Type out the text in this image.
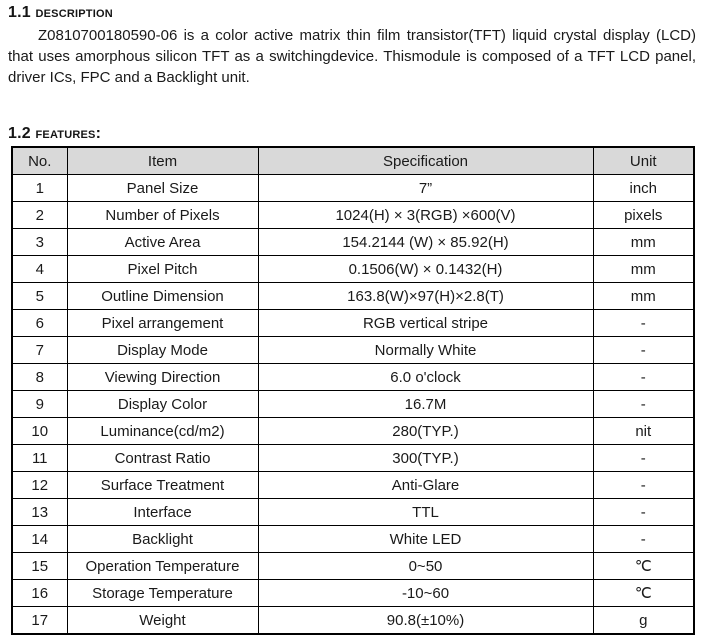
1.1 description

Z0810700180590-06 is a color active matrix thin film transistor(TFT) liquid crystal display (LCD) that uses amorphous silicon TFT as a switchingdevice. Thismodule is composed of a TFT LCD panel, driver ICs, FPC and a Backlight unit.

1.2 features:
No.	Item	Specification	Unit
1	Panel Size	7”	inch
2	Number of Pixels	1024(H) × 3(RGB) ×600(V)	pixels
3	Active Area	154.2144 (W) × 85.92(H)	mm
4	Pixel Pitch	0.1506(W) × 0.1432(H)	mm
5	Outline Dimension	163.8(W)×97(H)×2.8(T)	mm
6	Pixel arrangement	RGB vertical stripe	-
7	Display Mode	Normally White	-
8	Viewing Direction	6.0 o'clock	-
9	Display Color	16.7M	-
10	Luminance(cd/m2)	280(TYP.)	nit
11	Contrast Ratio	300(TYP.)	-
12	Surface Treatment	Anti-Glare	-
13	Interface	TTL	-
14	Backlight	White LED	-
15	Operation Temperature	0~50	℃
16	Storage Temperature	-10~60	℃
17	Weight	90.8(±10%)	g
